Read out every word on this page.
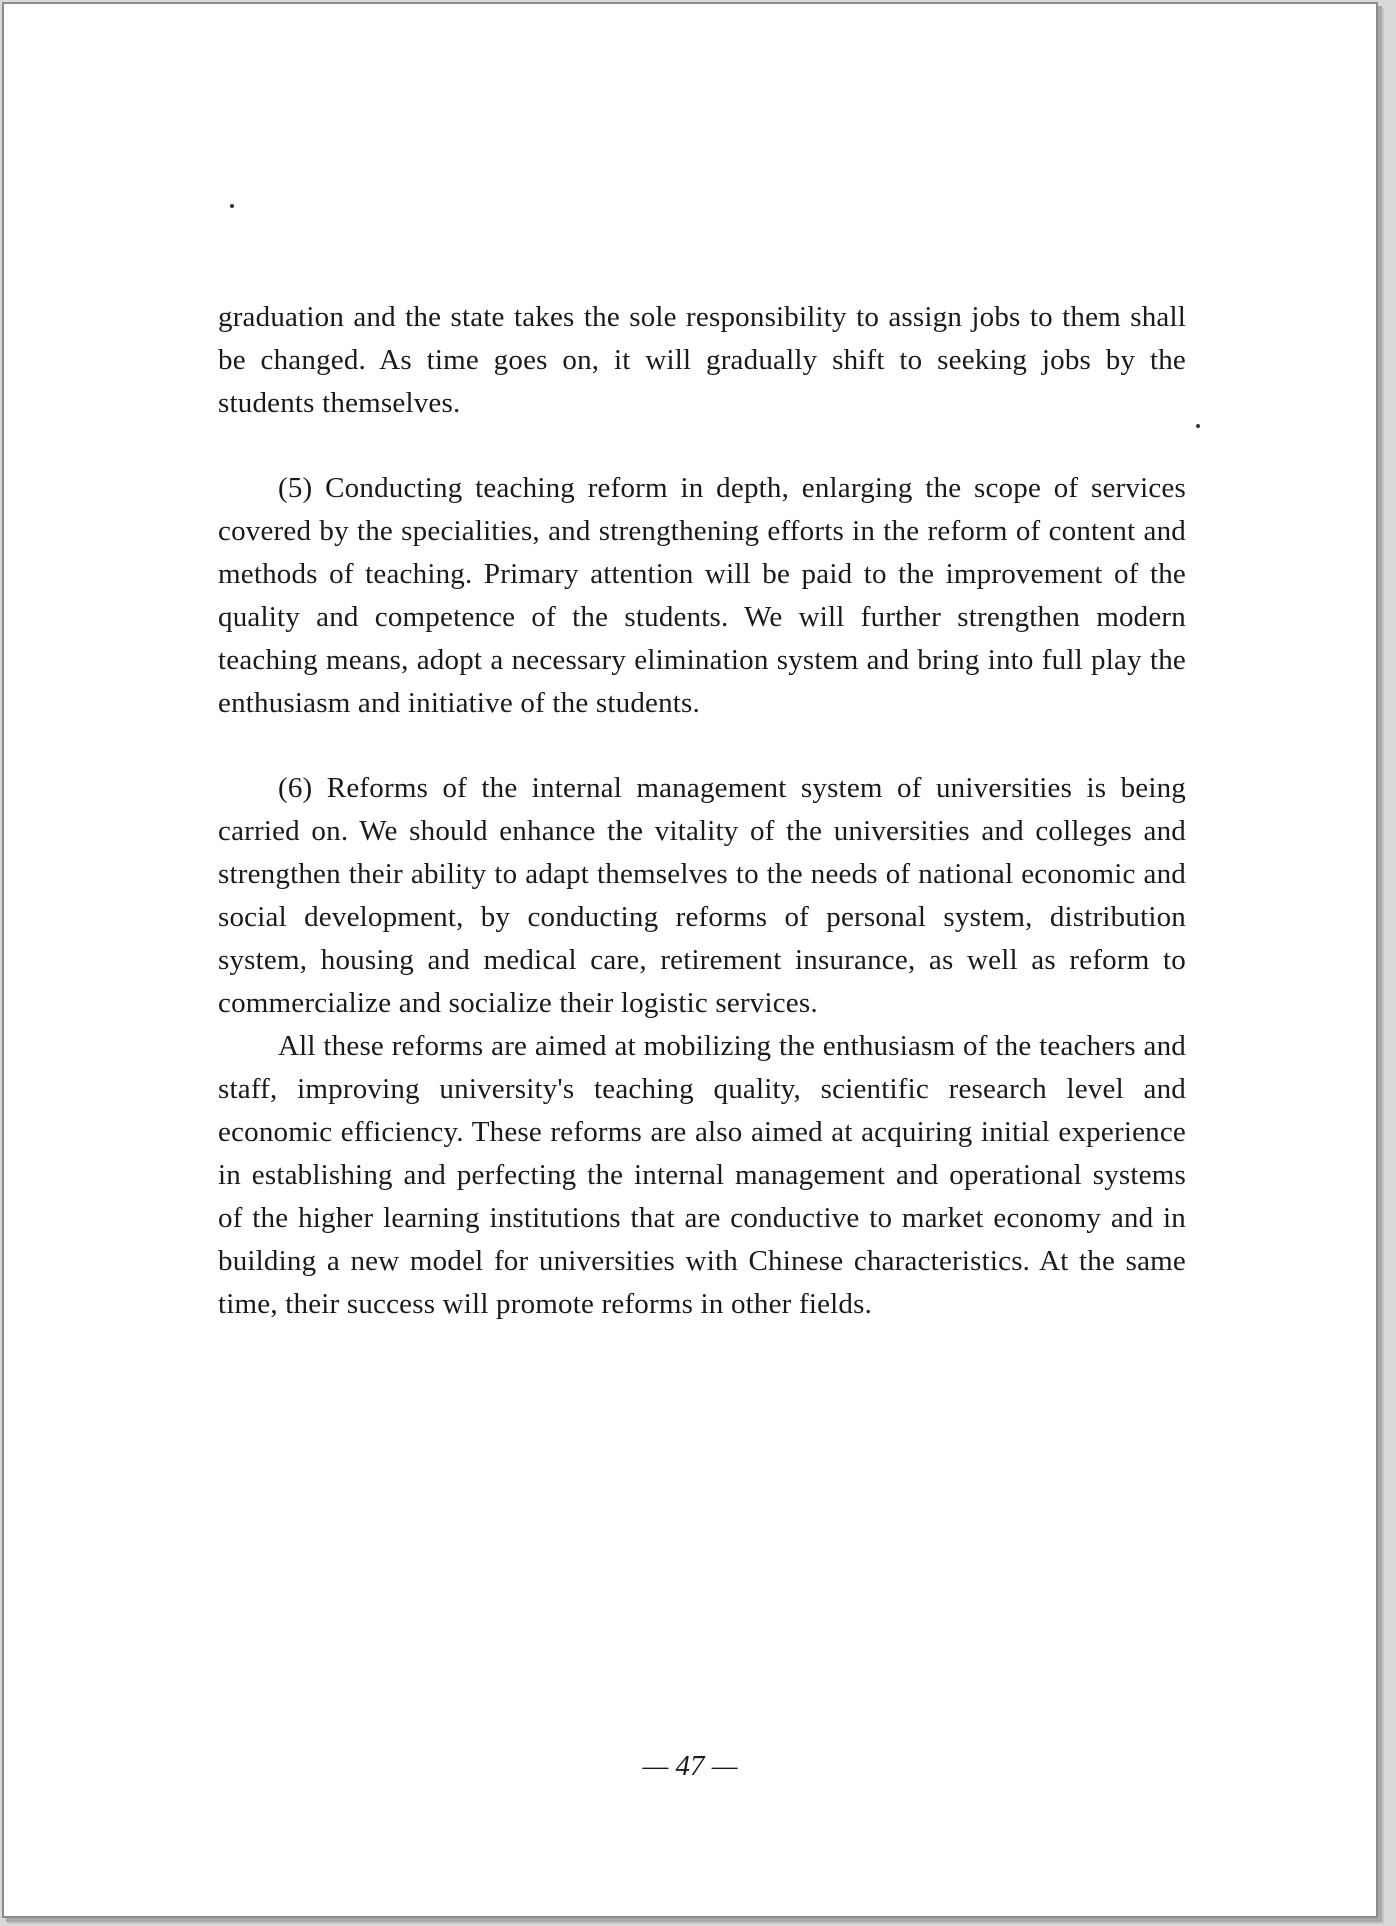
graduation and the state takes the sole responsibility to assign jobs to them shall be changed. As time goes on, it will gradually shift to seeking jobs by the students themselves.

(5) Conducting teaching reform in depth, enlarging the scope of services covered by the specialities, and strengthening efforts in the reform of content and methods of teaching. Primary attention will be paid to the improvement of the quality and competence of the students. We will further strengthen modern teaching means, adopt a necessary elimination system and bring into full play the enthusiasm and initiative of the students.

(6) Reforms of the internal management system of universities is being carried on. We should enhance the vitality of the universities and colleges and strengthen their ability to adapt themselves to the needs of national economic and social development, by conducting reforms of personal system, distribution system, housing and medical care, retirement insurance, as well as reform to commercialize and socialize their logistic services.

All these reforms are aimed at mobilizing the enthusiasm of the teachers and staff, improving university's teaching quality, scientific research level and economic efficiency. These reforms are also aimed at acquiring initial experience in establishing and perfecting the internal management and operational systems of the higher learning institutions that are conductive to market economy and in building a new model for universities with Chinese characteristics. At the same time, their success will promote reforms in other fields.

— 47 —
